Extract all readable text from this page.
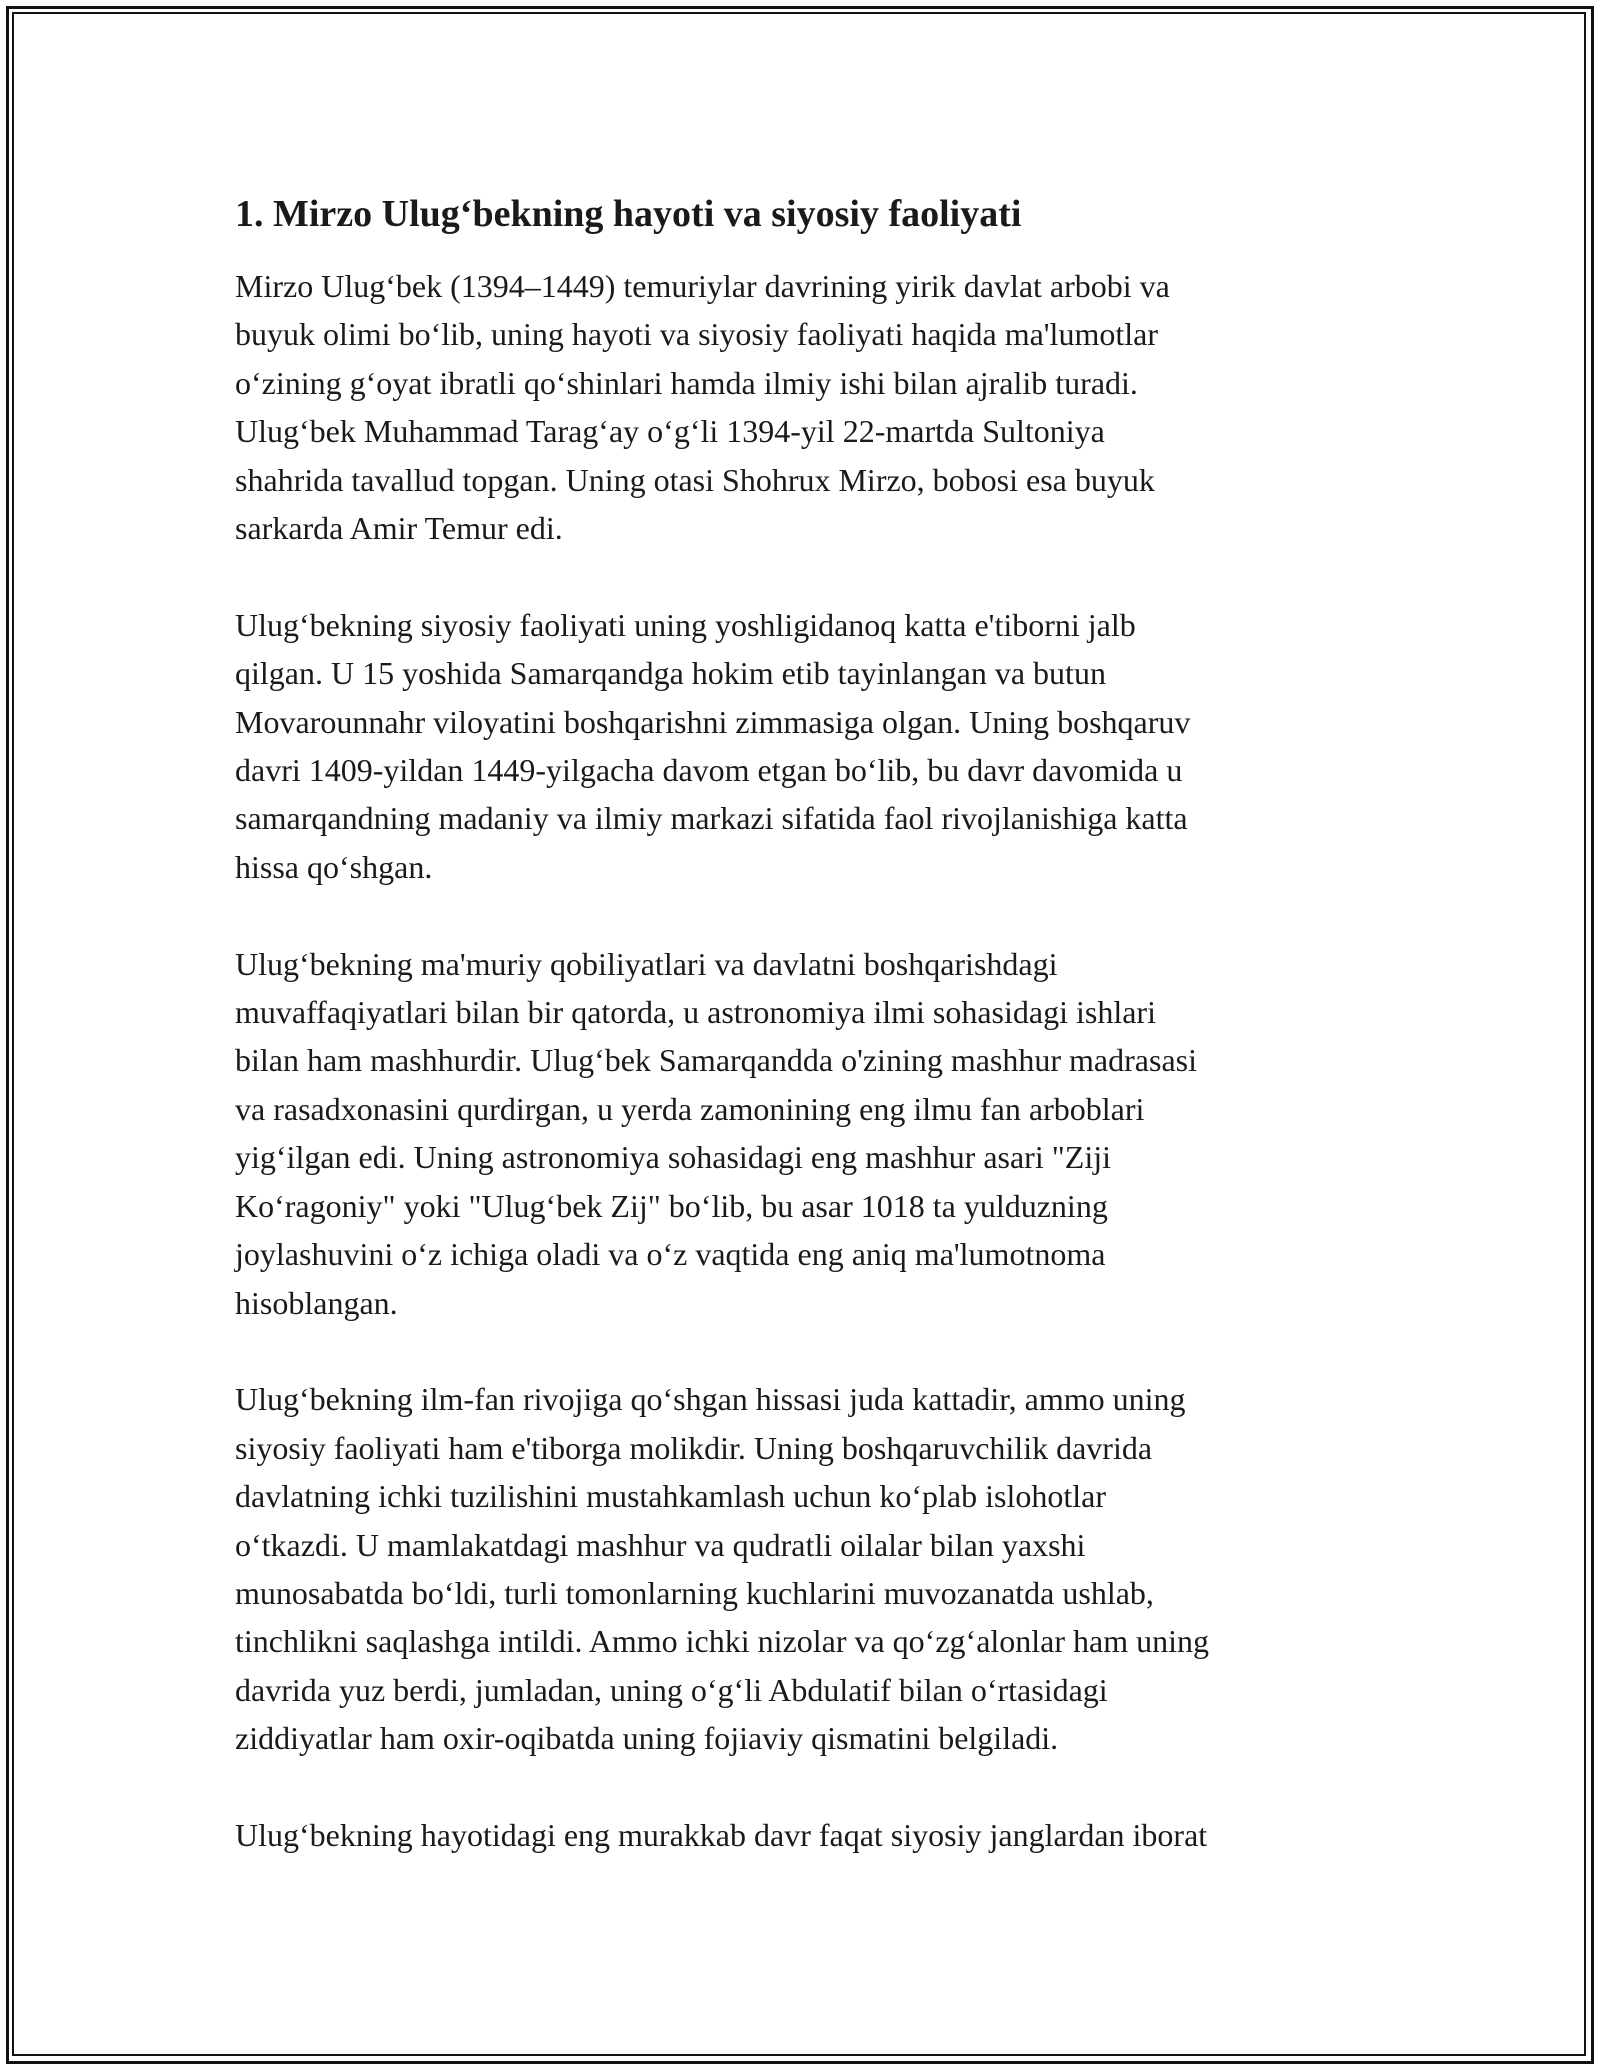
1. Mirzo Ulug‘bekning hayoti va siyosiy faoliyati

Mirzo Ulug‘bek (1394–1449) temuriylar davrining yirik davlat arbobi va
buyuk olimi bo‘lib, uning hayoti va siyosiy faoliyati haqida ma'lumotlar
o‘zining g‘oyat ibratli qo‘shinlari hamda ilmiy ishi bilan ajralib turadi.
Ulug‘bek Muhammad Tarag‘ay o‘g‘li 1394-yil 22-martda Sultoniya
shahrida tavallud topgan. Uning otasi Shohrux Mirzo, bobosi esa buyuk
sarkarda Amir Temur edi.

Ulug‘bekning siyosiy faoliyati uning yoshligidanoq katta e'tiborni jalb
qilgan. U 15 yoshida Samarqandga hokim etib tayinlangan va butun
Movarounnahr viloyatini boshqarishni zimmasiga olgan. Uning boshqaruv
davri 1409-yildan 1449-yilgacha davom etgan bo‘lib, bu davr davomida u
samarqandning madaniy va ilmiy markazi sifatida faol rivojlanishiga katta
hissa qo‘shgan.

Ulug‘bekning ma'muriy qobiliyatlari va davlatni boshqarishdagi
muvaffaqiyatlari bilan bir qatorda, u astronomiya ilmi sohasidagi ishlari
bilan ham mashhurdir. Ulug‘bek Samarqandda o'zining mashhur madrasasi
va rasadxonasini qurdirgan, u yerda zamonining eng ilmu fan arboblari
yig‘ilgan edi. Uning astronomiya sohasidagi eng mashhur asari "Ziji
Ko‘ragoniy" yoki "Ulug‘bek Zij" bo‘lib, bu asar 1018 ta yulduzning
joylashuvini o‘z ichiga oladi va o‘z vaqtida eng aniq ma'lumotnoma
hisoblangan.

Ulug‘bekning ilm-fan rivojiga qo‘shgan hissasi juda kattadir, ammo uning
siyosiy faoliyati ham e'tiborga molikdir. Uning boshqaruvchilik davrida
davlatning ichki tuzilishini mustahkamlash uchun ko‘plab islohotlar
o‘tkazdi. U mamlakatdagi mashhur va qudratli oilalar bilan yaxshi
munosabatda bo‘ldi, turli tomonlarning kuchlarini muvozanatda ushlab,
tinchlikni saqlashga intildi. Ammo ichki nizolar va qo‘zg‘alonlar ham uning
davrida yuz berdi, jumladan, uning o‘g‘li Abdulatif bilan o‘rtasidagi
ziddiyatlar ham oxir-oqibatda uning fojiaviy qismatini belgiladi.

Ulug‘bekning hayotidagi eng murakkab davr faqat siyosiy janglardan iborat
